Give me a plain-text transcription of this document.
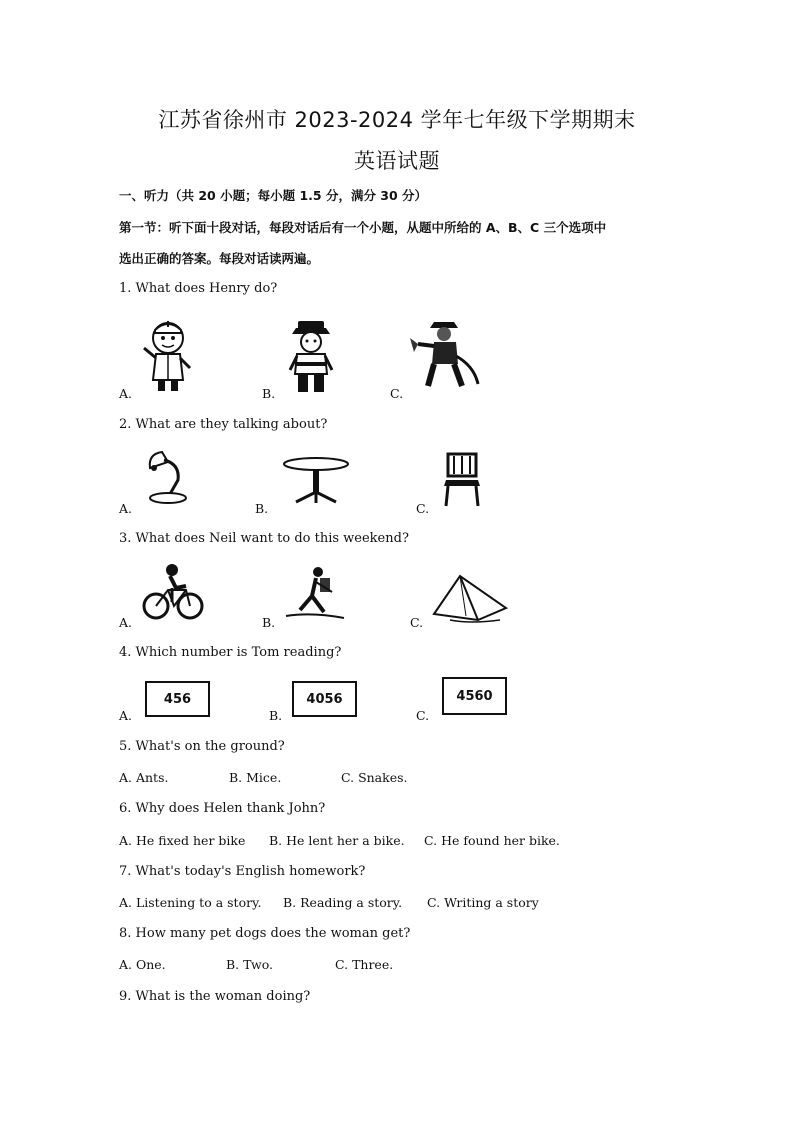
江苏省徐州市 2023-2024 学年七年级下学期期末
英语试题
一、听力（共 20 小题；每小题 1.5 分，满分 30 分）
第一节：听下面十段对话，每段对话后有一个小题，从题中所给的 A、B、C 三个选项中
选出正确的答案。每段对话读两遍。
1. What does Henry do?
A.	B.	C.
2. What are they talking about?
A.	B.	C.
3. What does Neil want to do this weekend?
A.	B.	C.
4. Which number is Tom reading?
A.	B.	C.
456	4056	4560
5. What's on the ground?
A. Ants.	B. Mice.	C. Snakes.
6. Why does Helen thank John?
A. He fixed her bike B. He lent her a bike. C. He found her bike.
7. What's today's English homework?
A. Listening to a story. B. Reading a story. C. Writing a story
8. How many pet dogs does the woman get?
A. One.	B. Two.	C. Three.
9. What is the woman doing?
